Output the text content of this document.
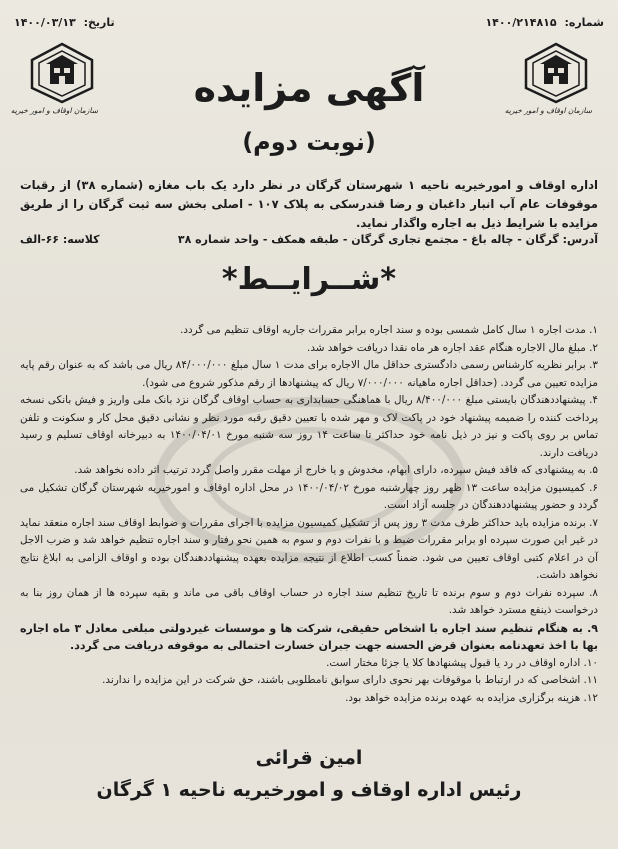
شماره: ۱۴۰۰/۲۱۴۸۱۵
تاریخ: ۱۴۰۰/۰۳/۱۳
سازمان اوقاف و امور خیریه
سازمان اوقاف و امور خیریه
آگهی مزایده
(نوبت دوم)
اداره اوقاف و امورخیریه ناحیه ۱ شهرستان گرگان در نظر دارد یک باب مغازه (شماره ۳۸) از رقبات موقوفات عام آب انبار داغبان و رضا قندرسکی به پلاک ۱۰۷ - اصلی بخش سه ثبت گرگان را از طریق مزایده با شرایط ذیل به اجاره واگذار نماید.
آدرس: گرگان - چاله باغ - مجتمع تجاری گرگان - طبقه همکف - واحد شماره ۳۸
کلاسه: ۶۶-الف
*شــرایــط*
۱. مدت اجاره ۱ سال کامل شمسی بوده و سند اجاره برابر مقررات جاریه اوقاف تنظیم می گردد.
۲. مبلغ مال الاجاره هنگام عقد اجاره هر ماه نقدا دریافت خواهد شد.
۳. برابر نظریه کارشناس رسمی دادگستری حداقل مال الاجاره برای مدت ۱ سال مبلغ ۸۴/۰۰۰/۰۰۰ ریال می باشد که به عنوان رقم پایه مزایده تعیین می گردد. (حداقل اجاره ماهیانه ۷/۰۰۰/۰۰۰ ریال که پیشنهادها از رقم مذکور شروع می شود).
۴. پیشنهاددهندگان بایستی مبلغ ۸/۴۰۰/۰۰۰ ریال با هماهنگی حسابداری به حساب اوقاف گرگان نزد بانک ملی واریز و فیش بانکی نسخه پرداخت کننده را ضمیمه پیشنهاد خود در پاکت لاک و مهر شده با تعیین دقیق رقبه مورد نظر و نشانی دقیق محل کار و سکونت و تلفن تماس بر روی پاکت و نیز در ذیل نامه خود حداکثر تا ساعت ۱۴ روز سه شنبه مورخ ۱۴۰۰/۰۴/۰۱ به دبیرخانه اوقاف تسلیم و رسید دریافت دارند.
۵. به پیشنهادی که فاقد فیش سپرده، دارای ابهام، مخدوش و یا خارج از مهلت مقرر واصل گردد ترتیب اثر داده نخواهد شد.
۶. کمیسیون مزایده ساعت ۱۳ ظهر روز چهارشنبه مورخ ۱۴۰۰/۰۴/۰۲ در محل اداره اوقاف و امورخیریه شهرستان گرگان تشکیل می گردد و حضور پیشنهاددهندگان در جلسه آزاد است.
۷. برنده مزایده باید حداکثر ظرف مدت ۳ روز پس از تشکیل کمیسیون مزایده با اجرای مقررات و ضوابط اوقاف سند اجاره منعقد نماید در غیر این صورت سپرده او برابر مقررات ضبط و با نفرات دوم و سوم به همین نحو رفتار و سند اجاره تنظیم خواهد شد و ضرب الاجل آن در اعلام کتبی اوقاف تعیین می شود. ضمناً کسب اطلاع از نتیجه مزایده بعهده پیشنهاددهندگان بوده و اوقاف الزامی به ابلاغ نتایج نخواهد داشت.
۸. سپرده نفرات دوم و سوم برنده تا تاریخ تنظیم سند اجاره در حساب اوقاف باقی می ماند و بقیه سپرده ها از همان روز بنا به درخواست ذینفع مسترد خواهد شد.
۹. به هنگام تنظیم سند اجاره با اشخاص حقیقی، شرکت ها و موسسات غیردولتی مبلغی معادل ۳ ماه اجاره بها با اخذ تعهدنامه بعنوان قرض الحسنه جهت جبران خسارت احتمالی به موقوفه دریافت می گردد.
۱۰. اداره اوقاف در رد یا قبول پیشنهادها کلا یا جزئا مختار است.
۱۱. اشخاصی که در ارتباط با موقوفات بهر نحوی دارای سوابق نامطلوبی باشند، حق شرکت در این مزایده را ندارند.
۱۲. هزینه برگزاری مزایده به عهده برنده مزایده خواهد بود.
امین قرائی
رئیس اداره اوقاف و امورخیریه ناحیه ۱ گرگان
